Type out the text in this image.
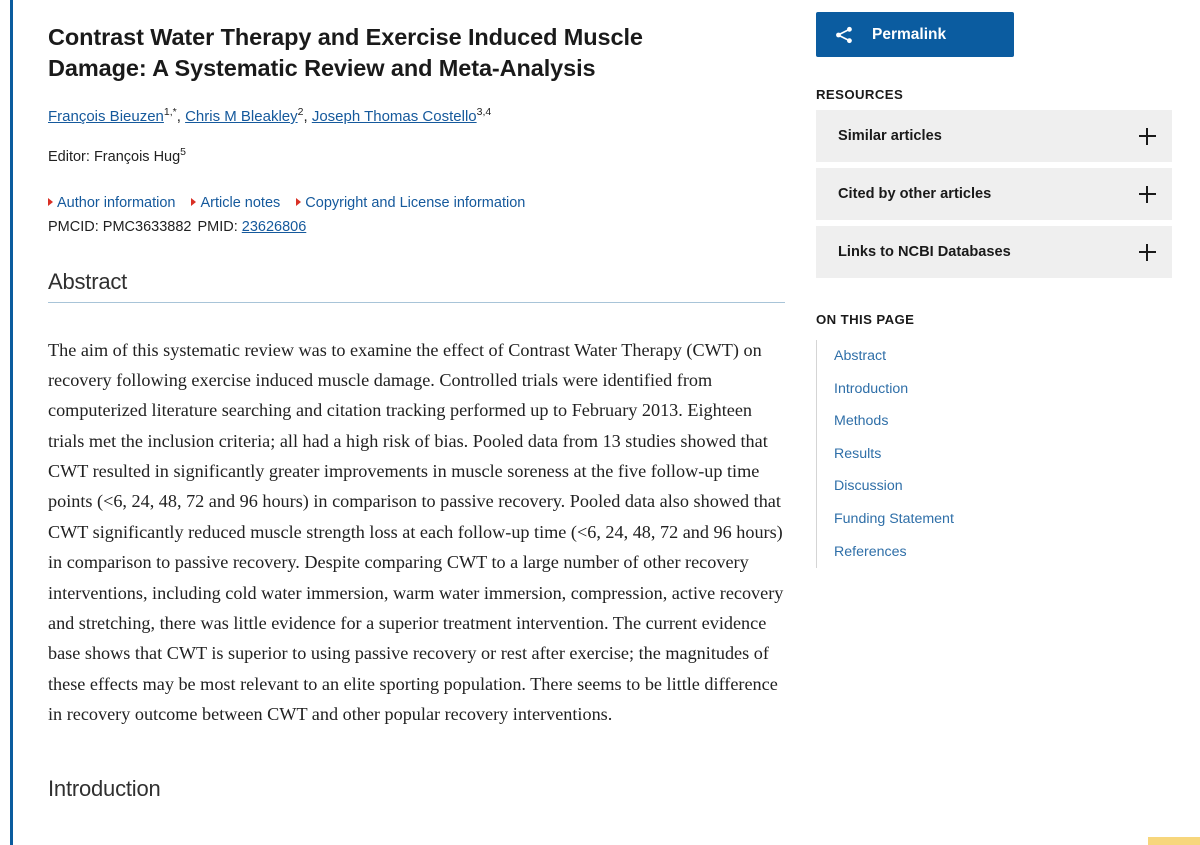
Contrast Water Therapy and Exercise Induced Muscle Damage: A Systematic Review and Meta-Analysis
François Bieuzen$^{1,*}$, Chris M Bleakley$^2$, Joseph Thomas Costello$^{3,4}$
Editor: François Hug$^5$
Author information	Article notes	Copyright and License information
PMCID: PMC3633882 PMID: 23626806
Abstract

The aim of this systematic review was to examine the effect of Contrast Water Therapy (CWT) on recovery following exercise induced muscle damage. Controlled trials were identified from computerized literature searching and citation tracking performed up to February 2013. Eighteen trials met the inclusion criteria; all had a high risk of bias. Pooled data from 13 studies showed that CWT resulted in significantly greater improvements in muscle soreness at the five follow-up time points (<6, 24, 48, 72 and 96 hours) in comparison to passive recovery. Pooled data also showed that CWT significantly reduced muscle strength loss at each follow-up time (<6, 24, 48, 72 and 96 hours) in comparison to passive recovery. Despite comparing CWT to a large number of other recovery interventions, including cold water immersion, warm water immersion, compression, active recovery and stretching, there was little evidence for a superior treatment intervention. The current evidence base shows that CWT is superior to using passive recovery or rest after exercise; the magnitudes of these effects may be most relevant to an elite sporting population. There seems to be little difference in recovery outcome between CWT and other popular recovery interventions.

Introduction
Permalink
RESOURCES
Similar articles
Cited by other articles
Links to NCBI Databases
ON THIS PAGE
Abstract
Introduction
Methods
Results
Discussion
Funding Statement
References
